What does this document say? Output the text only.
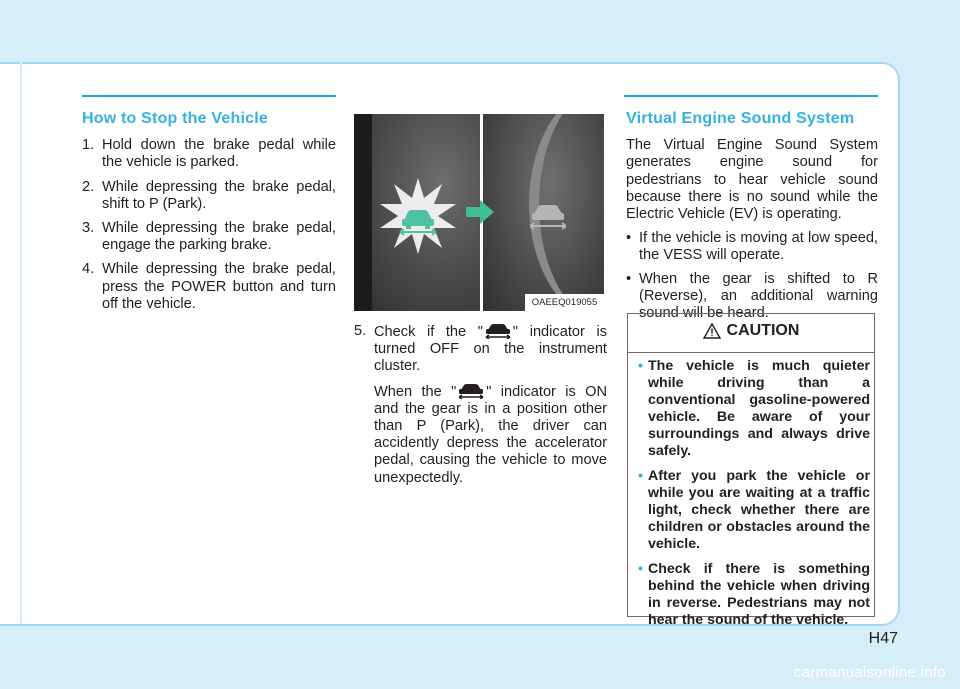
How to Stop the Vehicle
1. Hold down the brake pedal while the vehicle is parked.
2. While depressing the brake pedal, shift to P (Park).
3. While depressing the brake pedal, engage the parking brake.
4. While depressing the brake pedal, press the POWER button and turn off the vehicle.	OAEEQ019055
5. Check if the " " indicator is turned OFF on the instrument cluster.

When the " " indicator is ON and the gear is in a position other than P (Park), the driver can accidently depress the accelerator pedal, causing the vehicle to move unexpectedly.

Virtual Engine Sound System

The Virtual Engine Sound System generates engine sound for pedestrians to hear vehicle sound because there is no sound while the Electric Vehicle (EV) is operating.

• If the vehicle is moving at low speed, the VESS will operate.
• When the gear is shifted to R (Reverse), an additional warning sound will be heard.
CAUTION
• The vehicle is much quieter while driving than a conventional gasoline-powered vehicle. Be aware of your surroundings and always drive safely.
• After you park the vehicle or while you are waiting at a traffic light, check whether there are children or obstacles around the vehicle.
• Check if there is something behind the vehicle when driving in reverse. Pedestrians may not hear the sound of the vehicle.
H47
carmanualsonline.info
